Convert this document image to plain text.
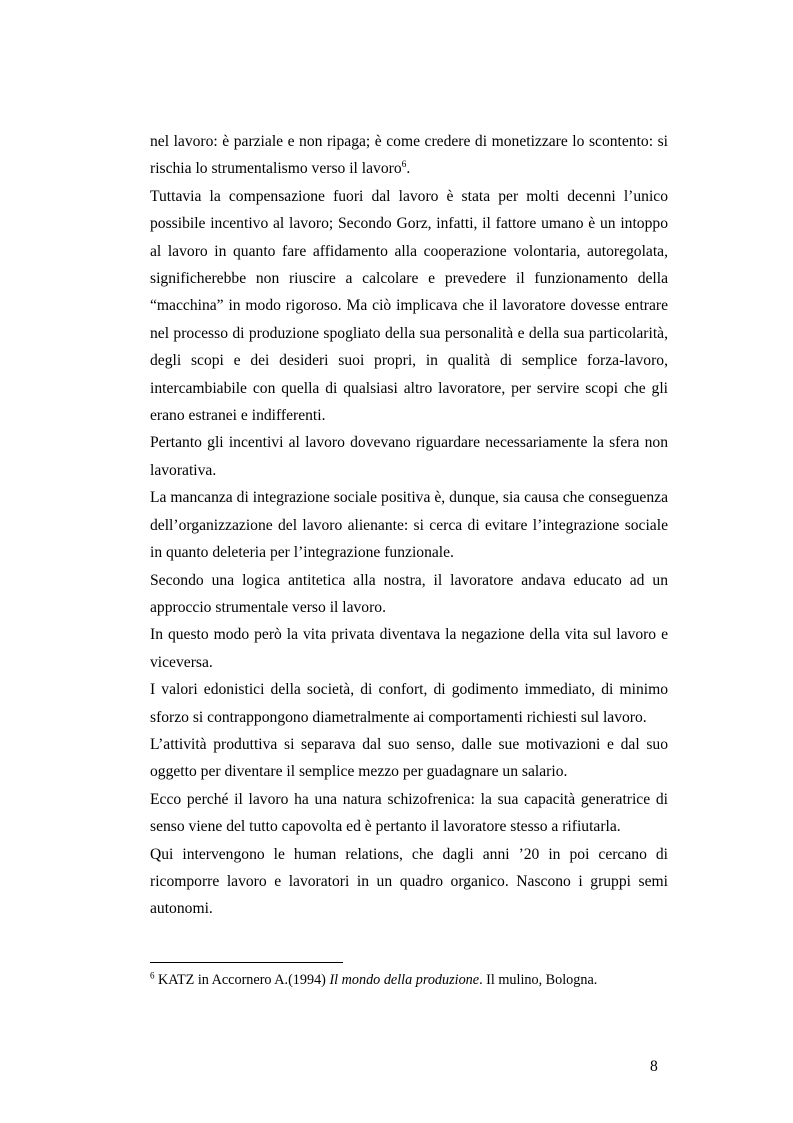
nel lavoro: è parziale e non ripaga; è come credere di monetizzare lo scontento: si rischia lo strumentalismo verso il lavoro$^6$.

Tuttavia la compensazione fuori dal lavoro è stata per molti decenni l’unico possibile incentivo al lavoro; Secondo Gorz, infatti, il fattore umano è un intoppo al lavoro in quanto fare affidamento alla cooperazione volontaria, autoregolata, significherebbe non riuscire a calcolare e prevedere il funzionamento della “macchina” in modo rigoroso. Ma ciò implicava che il lavoratore dovesse entrare nel processo di produzione spogliato della sua personalità e della sua particolarità, degli scopi e dei desideri suoi propri, in qualità di semplice forza-lavoro, intercambiabile con quella di qualsiasi altro lavoratore, per servire scopi che gli erano estranei e indifferenti.

Pertanto gli incentivi al lavoro dovevano riguardare necessariamente la sfera non lavorativa.

La mancanza di integrazione sociale positiva è, dunque, sia causa che conseguenza dell’organizzazione del lavoro alienante: si cerca di evitare l’integrazione sociale in quanto deleteria per l’integrazione funzionale.

Secondo una logica antitetica alla nostra, il lavoratore andava educato ad un approccio strumentale verso il lavoro.

In questo modo però la vita privata diventava la negazione della vita sul lavoro e viceversa.

I valori edonistici della società, di confort, di godimento immediato, di minimo sforzo si contrappongono diametralmente ai comportamenti richiesti sul lavoro.

L’attività produttiva si separava dal suo senso, dalle sue motivazioni e dal suo oggetto per diventare il semplice mezzo per guadagnare un salario.

Ecco perché il lavoro ha una natura schizofrenica: la sua capacità generatrice di senso viene del tutto capovolta ed è pertanto il lavoratore stesso a rifiutarla.

Qui intervengono le human relations, che dagli anni ’20 in poi cercano di ricomporre lavoro e lavoratori in un quadro organico. Nascono i gruppi semi autonomi.

$^6$ KATZ in Accornero A.(1994) Il mondo della produzione. Il mulino, Bologna.
8
